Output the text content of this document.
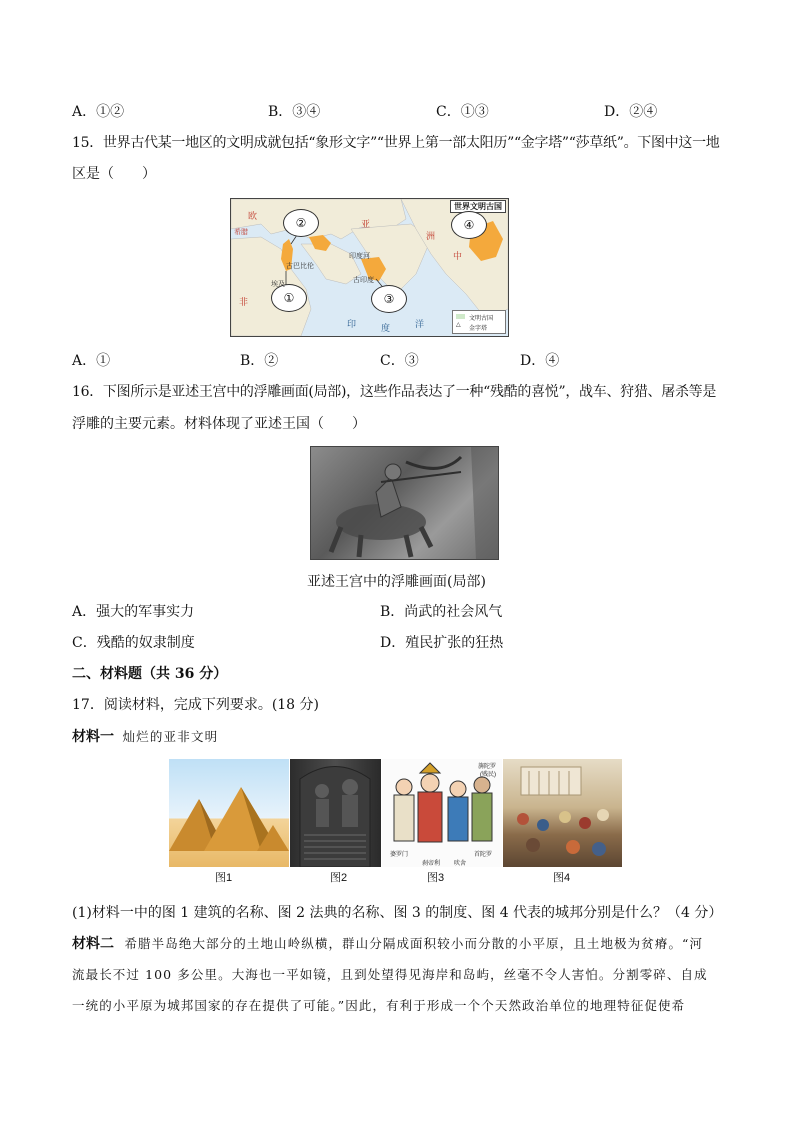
A．①②	B．③④	C．①③	D．②④
15．世界古代某一地区的文明成就包括“象形文字”“世界上第一部太阳历”“金字塔”“莎草纸”。下图中这一地
区是（　　）
世界文明古国
②	④
①	③
欧
希腊
亚
洲
非
中
古巴比伦
印度河
古印度
印	度	洋
埃及
文明古国
△
金字塔
A．①	B．②	C．③	D．④
16．下图所示是亚述王宫中的浮雕画面(局部)，这些作品表达了一种“残酷的喜悦”，战车、狩猎、屠杀等是
浮雕的主要元素。材料体现了亚述王国（　　）
亚述王宫中的浮雕画面(局部)
A．强大的军事实力	B．尚武的社会风气
C．残酷的奴隶制度	D．殖民扩张的狂热
二、材料题（共 36 分）
17．阅读材料，完成下列要求。(18 分)
材料一 灿烂的亚非文明
婆罗门
刹帝利 吠舍
首陀罗
旃陀罗
(贱民)
图1	图2	图3	图4
(1)材料一中的图 1 建筑的名称、图 2 法典的名称、图 3 的制度、图 4 代表的城邦分别是什么？（4 分）
材料二 希腊半岛绝大部分的土地山岭纵横，群山分隔成面积较小而分散的小平原，且土地极为贫瘠。“河
流最长不过 100 多公里。大海也一平如镜，且到处望得见海岸和岛屿，丝毫不令人害怕。分割零碎、自成
一统的小平原为城邦国家的存在提供了可能。”因此，有利于形成一个个天然政治单位的地理特征促使希
